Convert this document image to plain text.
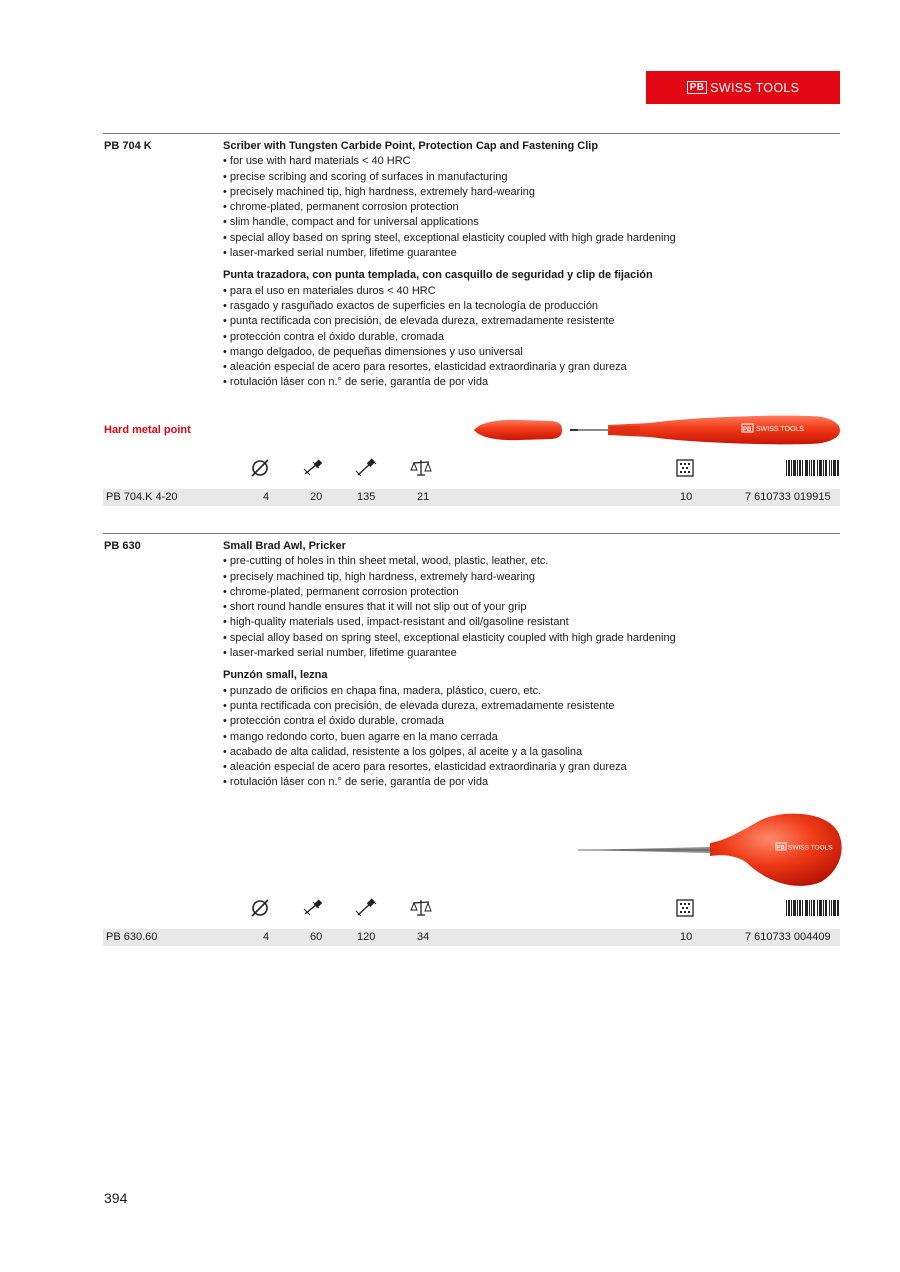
PB SWISS TOOLS
PB 704 K	Scriber with Tungsten Carbide Point, Protection Cap and Fastening Clip
• for use with hard materials < 40 HRC
• precise scribing and scoring of surfaces in manufacturing
• precisely machined tip, high hardness, extremely hard-wearing
• chrome-plated, permanent corrosion protection
• slim handle, compact and for universal applications
• special alloy based on spring steel, exceptional elasticity coupled with high grade hardening
• laser-marked serial number, lifetime guarantee
Punta trazadora, con punta templada, con casquillo de seguridad y clip de fijación
• para el uso en materiales duros < 40 HRC
• rasgado y rasguñado exactos de superficies en la tecnología de producción
• punta rectificada con precisión, de elevada dureza, extremadamente resistente
• protección contra el óxido durable, cromada
• mango delgadoo, de pequeñas dimensiones y uso universal
• aleación especial de acero para resortes, elasticidad extraordinaria y gran dureza
• rotulación láser con n.° de serie, garantía de por vida
Hard metal point	PB SWISS TOOLS
PB 704.K 4-20	4	20	135	21	10	7 610733 019915
PB 630	Small Brad Awl, Pricker
• pre-cutting of holes in thin sheet metal, wood, plastic, leather, etc.
• precisely machined tip, high hardness, extremely hard-wearing
• chrome-plated, permanent corrosion protection
• short round handle ensures that it will not slip out of your grip
• high-quality materials used, impact-resistant and oil/gasoline resistant
• special alloy based on spring steel, exceptional elasticity coupled with high grade hardening
• laser-marked serial number, lifetime guarantee
Punzón small, lezna
• punzado de orificios en chapa fina, madera, plástico, cuero, etc.
• punta rectificada con precisión, de elevada dureza, extremadamente resistente
• protección contra el óxido durable, cromada
• mango redondo corto, buen agarre en la mano cerrada
• acabado de alta calidad, resistente a los golpes, al aceite y a la gasolina
• aleación especial de acero para resortes, elasticidad extraordinaria y gran dureza
• rotulación láser con n.° de serie, garantía de por vida
PB SWISS TOOLS
PB 630.60	4	60	120	34	10	7 610733 004409
394
